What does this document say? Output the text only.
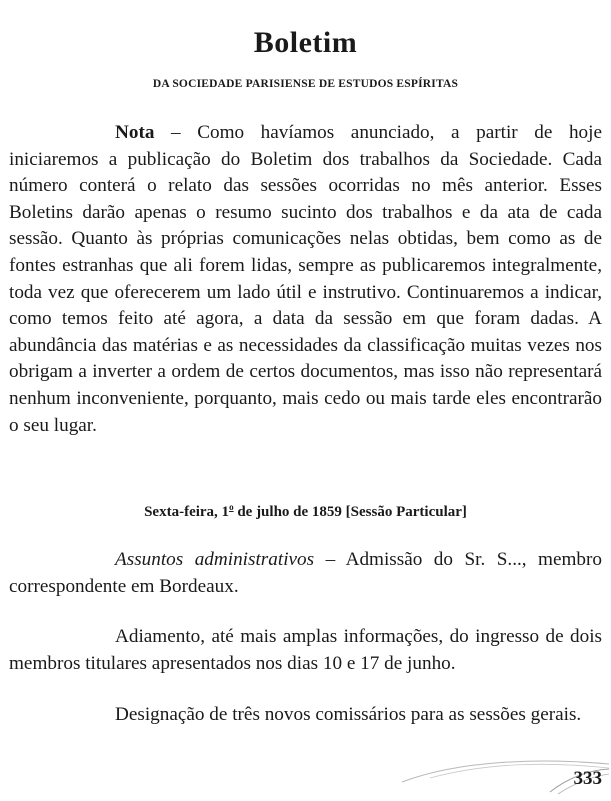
Boletim

DA SOCIEDADE PARISIENSE DE ESTUDOS ESPÍRITAS

Nota – Como havíamos anunciado, a partir de hoje iniciaremos a publicação do Boletim dos trabalhos da Sociedade. Cada número conterá o relato das sessões ocorridas no mês anterior. Esses Boletins darão apenas o resumo sucinto dos trabalhos e da ata de cada sessão. Quanto às próprias comunicações nelas obtidas, bem como as de fontes estranhas que ali forem lidas, sempre as publicaremos integralmente, toda vez que oferecerem um lado útil e instrutivo. Continuaremos a indicar, como temos feito até agora, a data da sessão em que foram dadas. A abundância das matérias e as necessidades da classificação muitas vezes nos obrigam a inverter a ordem de certos documentos, mas isso não representará nenhum inconveniente, porquanto, mais cedo ou mais tarde eles encontrarão o seu lugar.

Sexta-feira, 1$^o$ de julho de 1859 [Sessão Particular]

Assuntos administrativos – Admissão do Sr. S..., membro correspondente em Bordeaux.

Adiamento, até mais amplas informações, do ingresso de dois membros titulares apresentados nos dias 10 e 17 de junho.

Designação de três novos comissários para as sessões gerais.

333
